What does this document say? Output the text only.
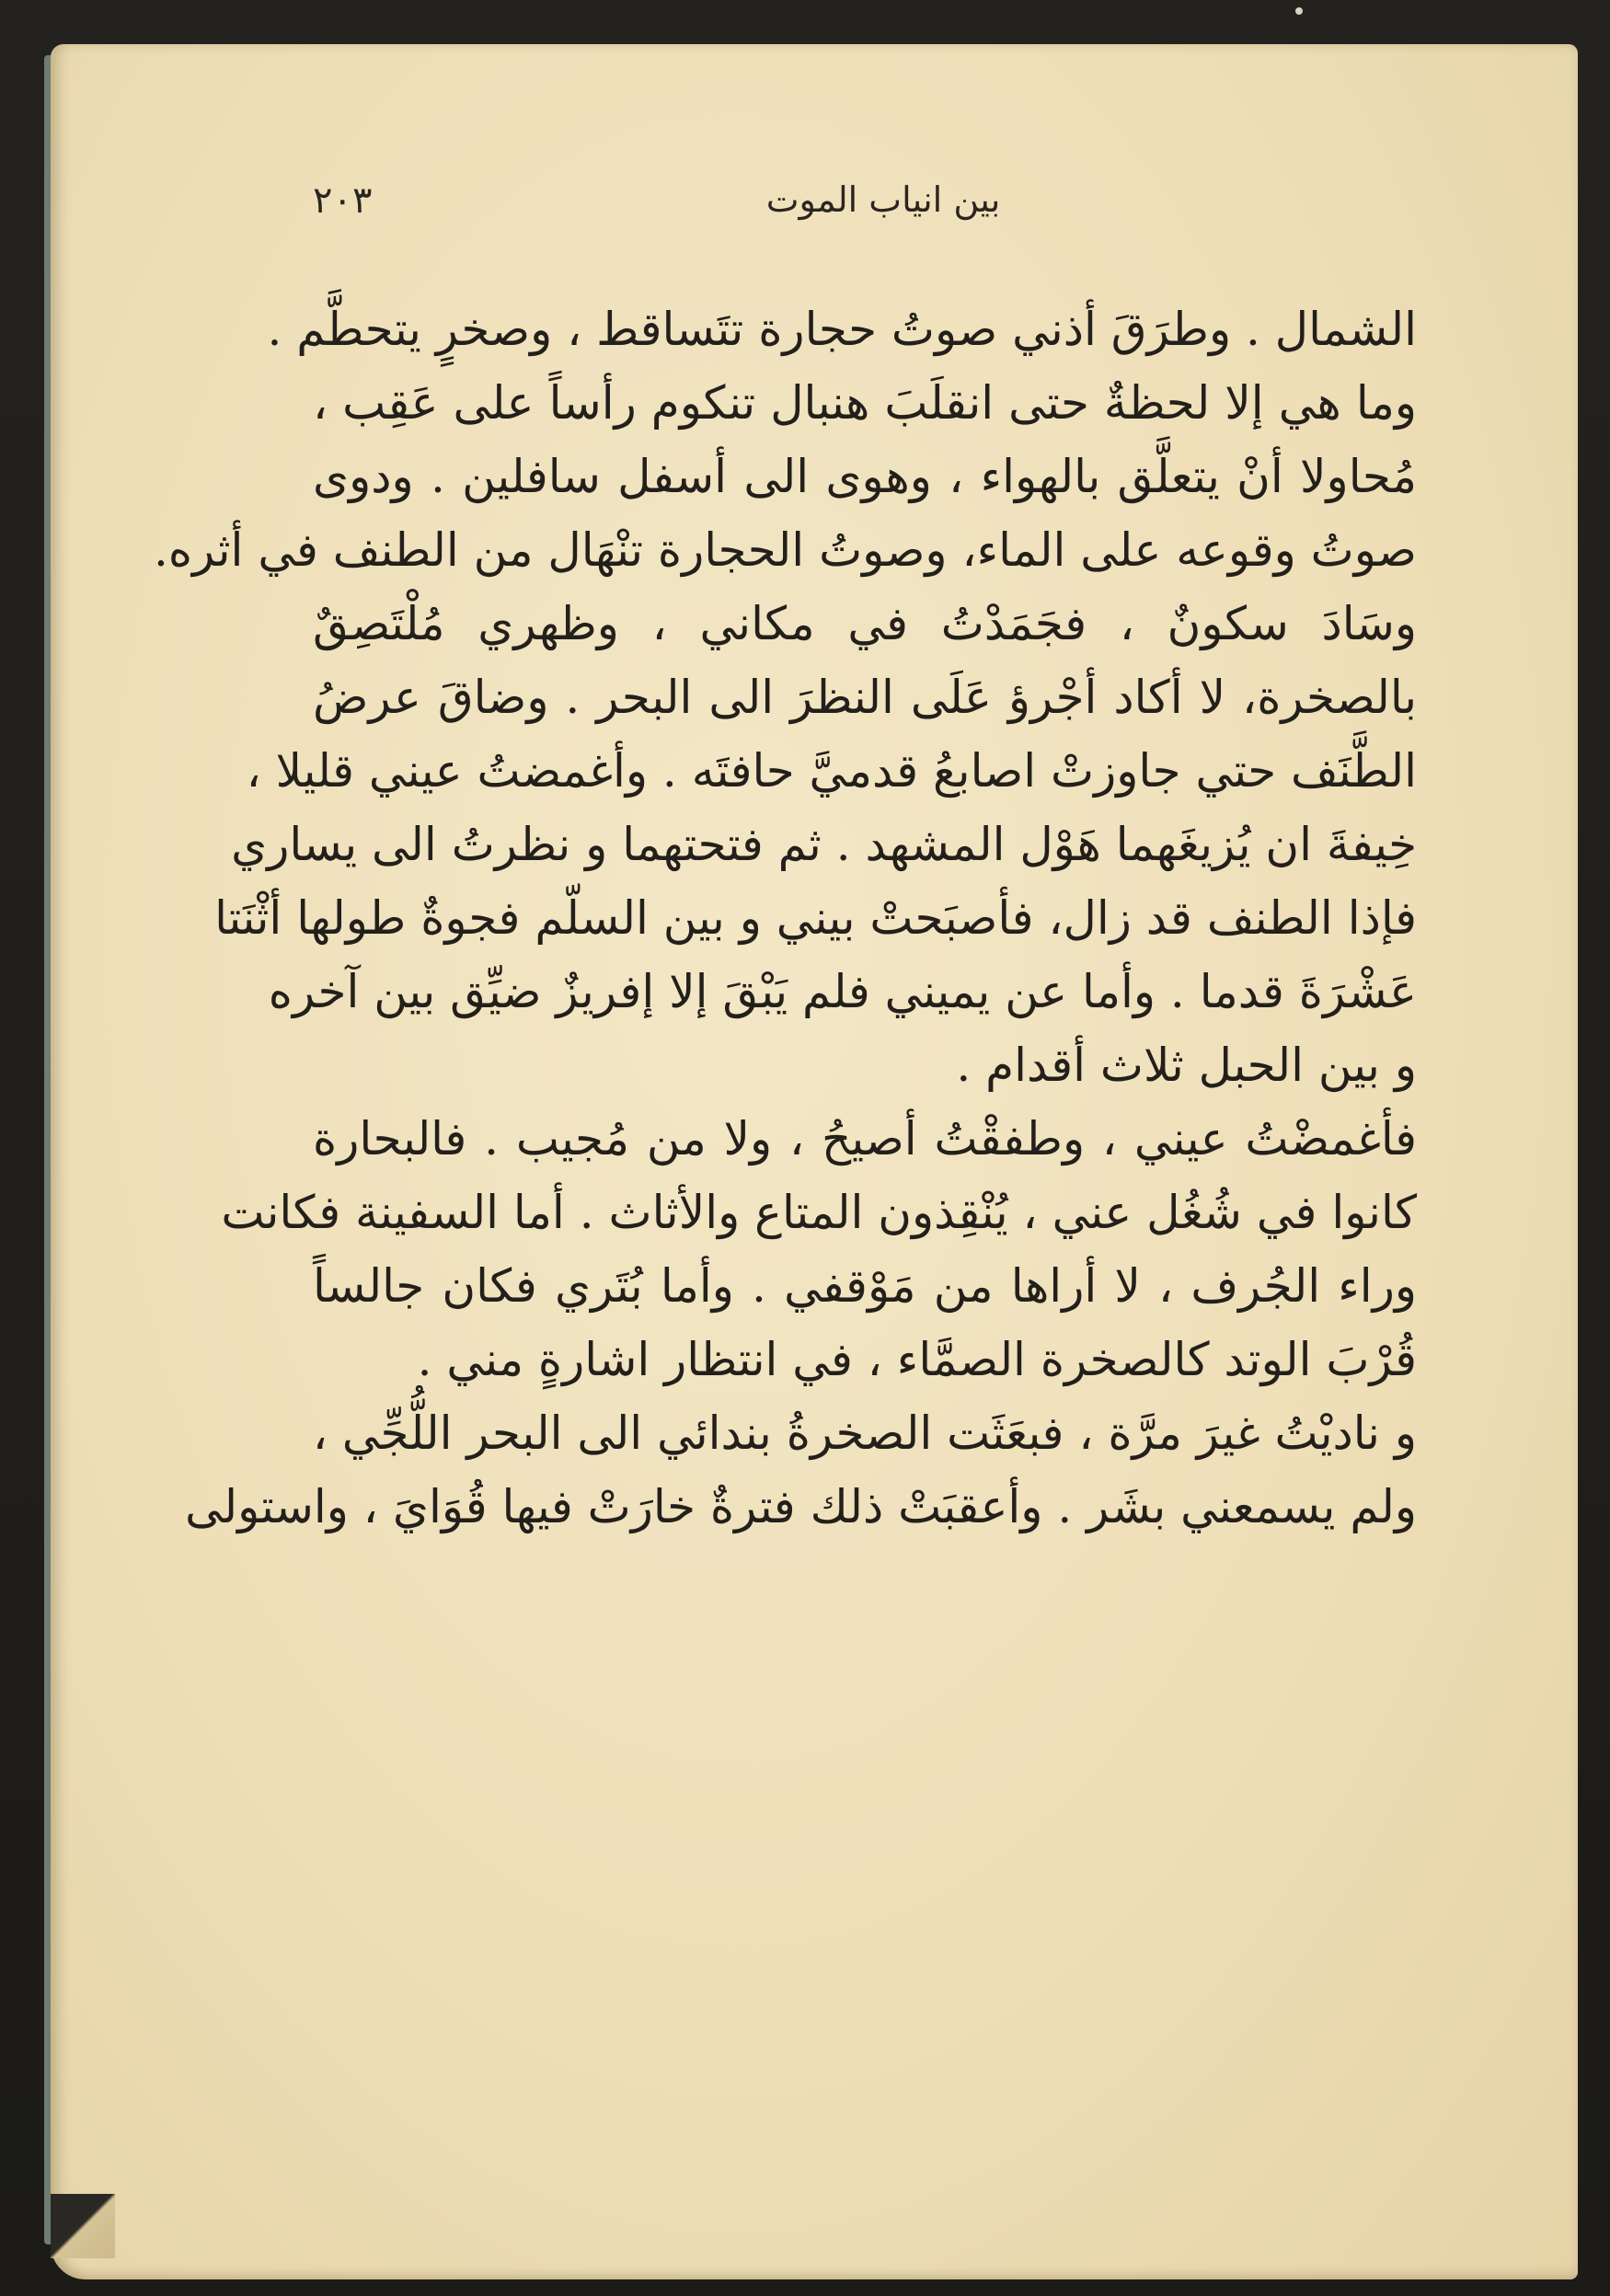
بين انياب الموت
٢٠٣
الشمال . وطرَقَ أذني صوتُ حجارة تتَساقط ، وصخرٍ يتحطَّم .
وما هي إلا لحظةٌ حتى انقلَبَ هنبال تنكوم رأساً على عَقِب ،
مُحاولا أنْ يتعلَّق بالهواء ، وهوى الى أسفل سافلين . ودوى
صوتُ وقوعه على الماء، وصوتُ الحجارة تنْهَال من الطنف في أثره.
وسَادَ سكونٌ ، فجَمَدْتُ في مكاني ، وظهري مُلْتَصِقٌ
بالصخرة، لا أكاد أجْرؤ عَلَى النظرَ الى البحر . وضاقَ عرضُ
الطَّنَف حتي جاوزتْ اصابعُ قدميَّ حافتَه . وأغمضتُ عيني قليلا ،
خِيفةَ ان يُزيغَهما هَوْل المشهد . ثم فتحتهما و نظرتُ الى يساري
فإذا الطنف قد زال، فأصبَحتْ بيني و بين السلّم فجوةٌ طولها أثْنَتا
عَشْرَةَ قدما . وأما عن يميني فلم يَبْقَ إلا إفريزٌ ضيِّق بين آخره
و بين الحبل ثلاث أقدام .
فأغمضْتُ عيني ، وطفقْتُ أصيحُ ، ولا من مُجيب . فالبحارة
كانوا في شُغُل عني ، يُنْقِذون المتاع والأثاث . أما السفينة فكانت
وراء الجُرف ، لا أراها من مَوْقفي . وأما بُتَري فكان جالساً
قُرْبَ الوتد كالصخرة الصمَّاء ، في انتظار اشارةٍ مني .
و ناديْتُ غيرَ مرَّة ، فبعَثَت الصخرةُ بندائي الى البحر اللُّجِّي ،
ولم يسمعني بشَر . وأعقبَتْ ذلك فترةٌ خارَتْ فيها قُوَايَ ، واستولى
